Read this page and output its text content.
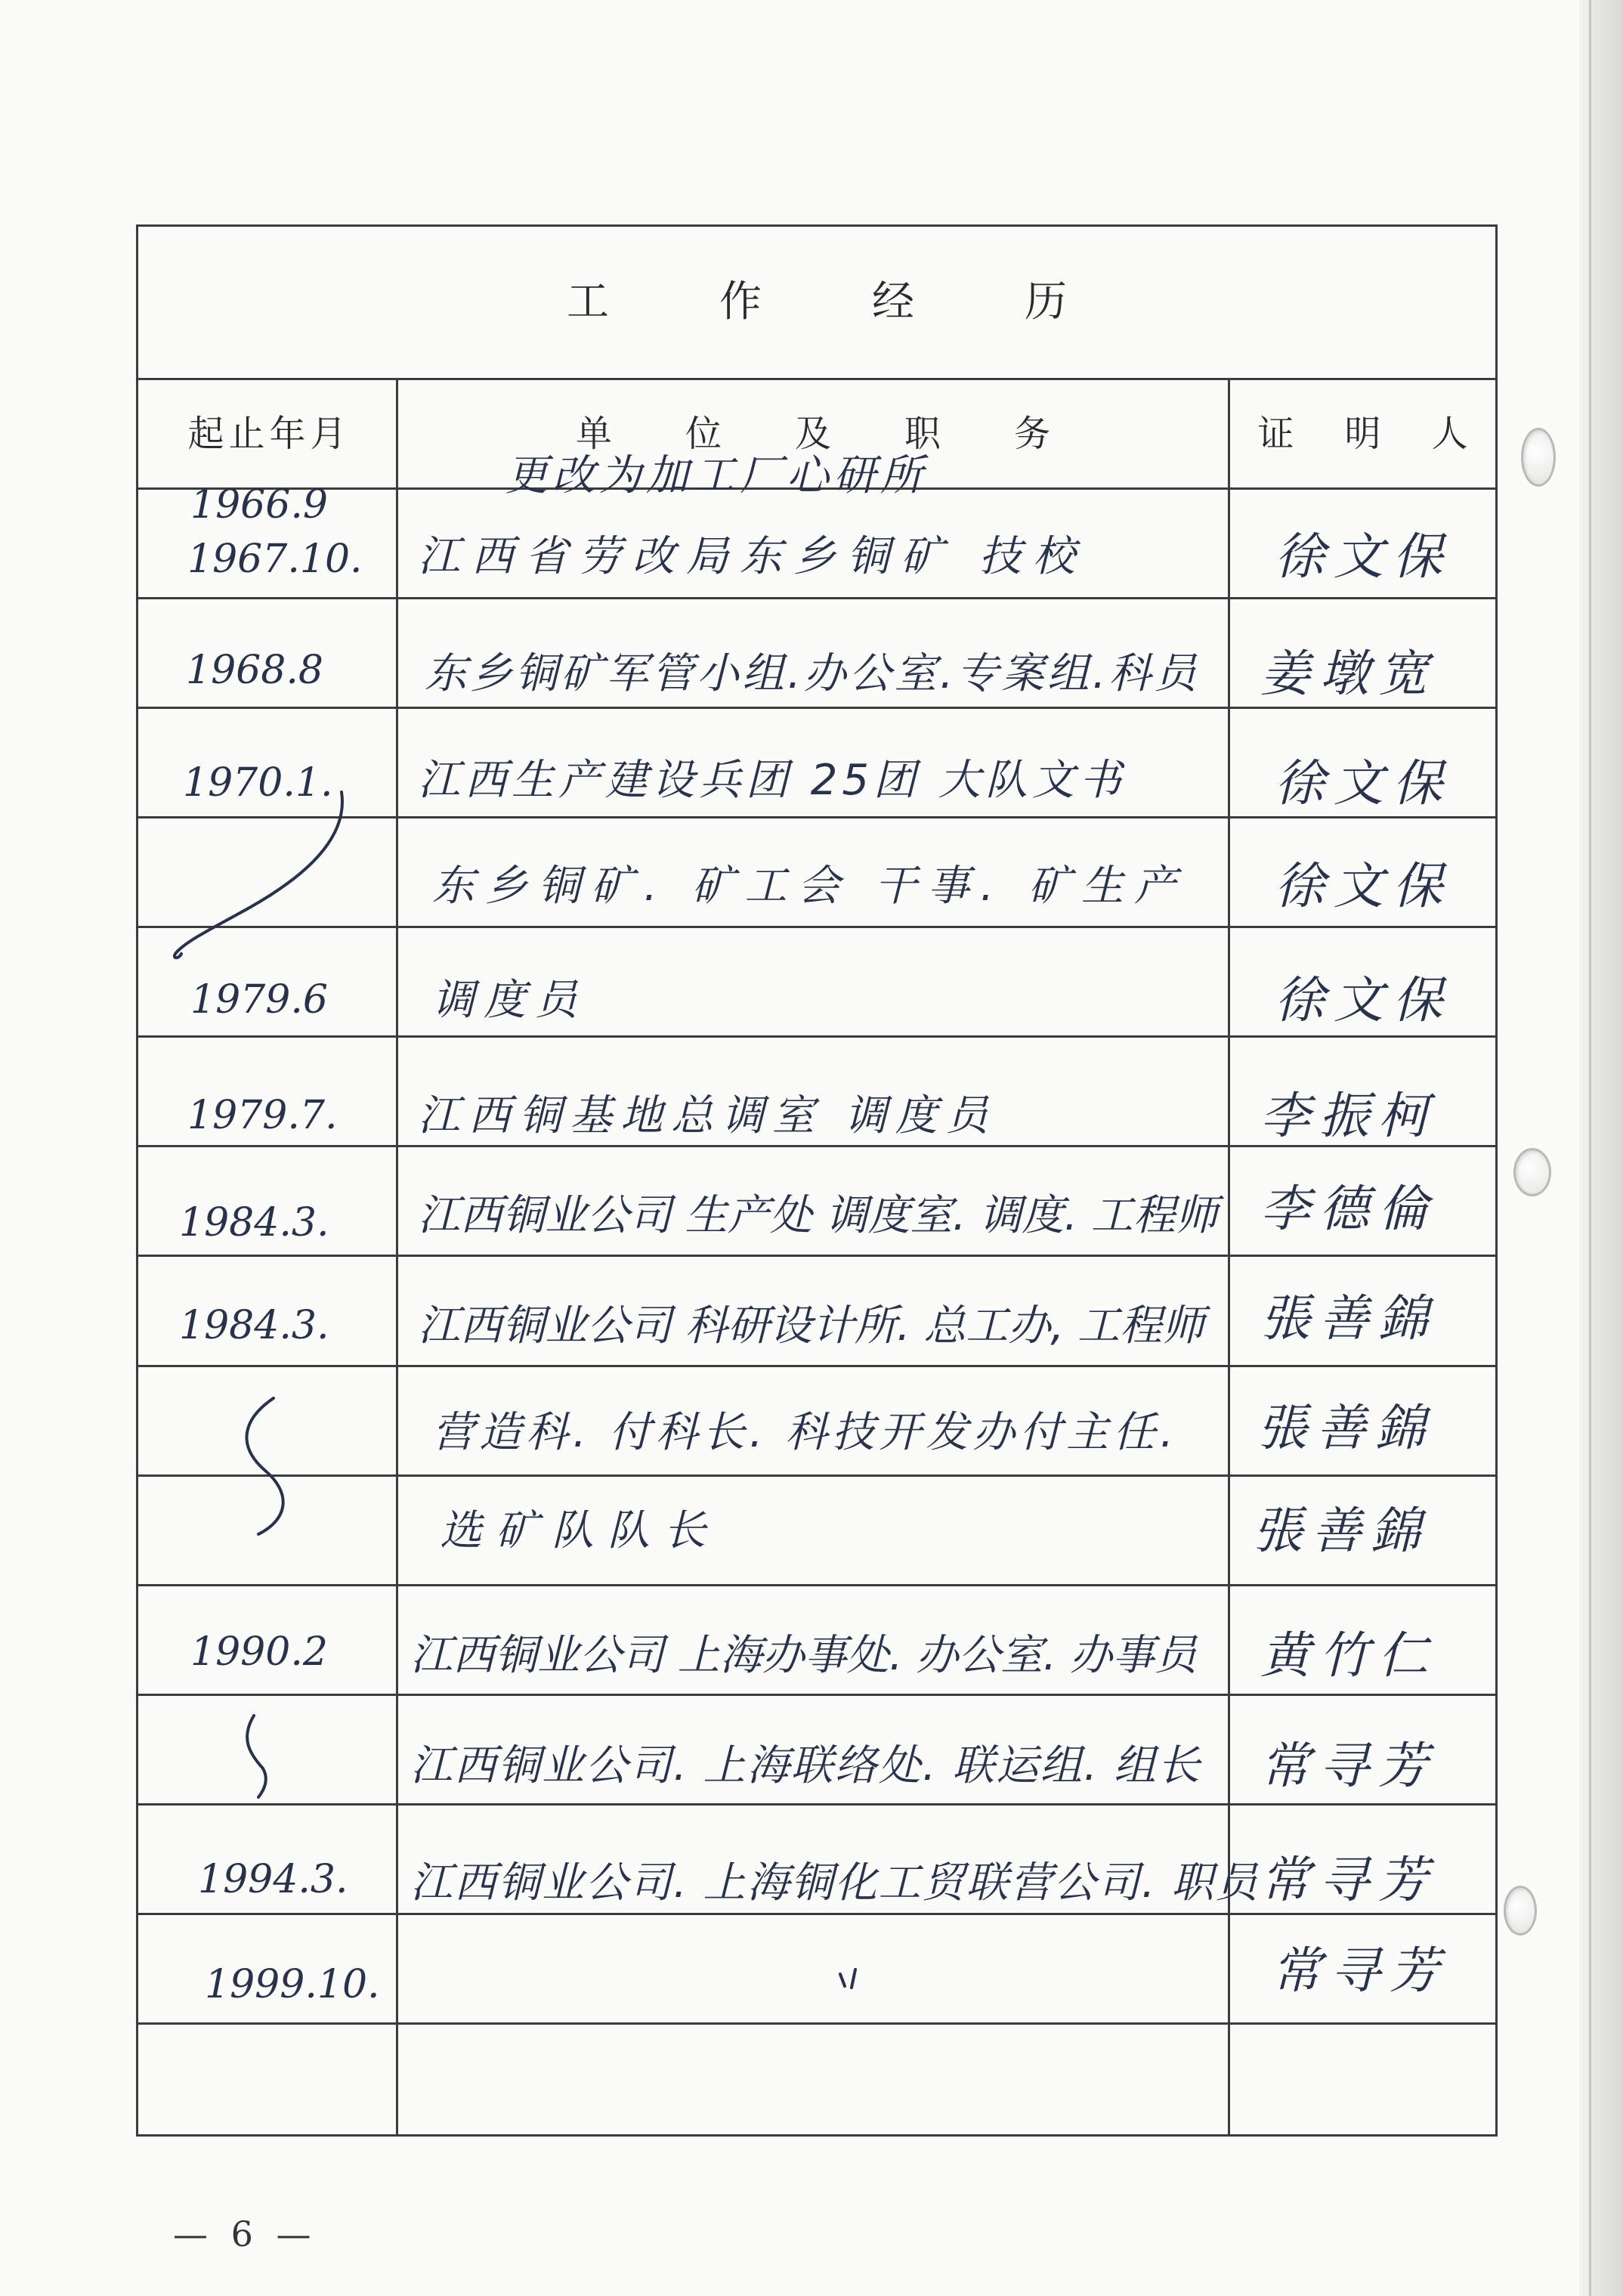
工作经历
起止年月	单位及职务	证明人
1966.9
1967.10.
1968.8
1970.1.
1979.6
1979.7.
1984.3.
1984.3.
1990.2
1994.3.
1999.10.
更改为加工厂心研所
江西省劳改局东乡铜矿 技校
东乡铜矿军管小组.办公室.专案组.科员
江西生产建设兵团 25团 大队文书
东乡铜矿. 矿工会 干事. 矿生产
调度员
江西铜基地总调室 调度员
江西铜业公司 生产处 调度室. 调度. 工程师
江西铜业公司 科研设计所. 总工办, 工程师
营造科. 付科长. 科技开发办付主任.
选矿队队长
江西铜业公司 上海办事处. 办公室. 办事员
江西铜业公司. 上海联络处. 联运组. 组长
江西铜业公司. 上海铜化工贸联营公司. 职员
徐文保
姜墩宽
徐文保
徐文保
徐文保
李振柯
李德倫
張善錦
張善錦
張善錦
黄竹仁
常寻芳
常寻芳
常寻芳
— 6 —
